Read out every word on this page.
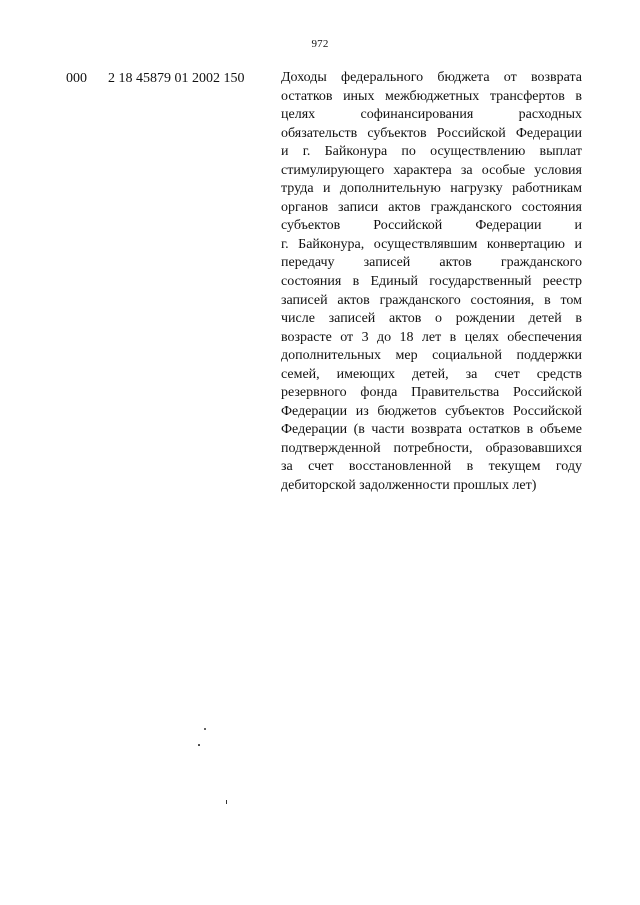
972
000 2 18 45879 01 2002 150	Доходы федерального бюджета от возврата
остатков иных межбюджетных трансфертов в
целях софинансирования расходных
обязательств субъектов Российской Федерации
и г. Байконура по осуществлению выплат
стимулирующего характера за особые условия
труда и дополнительную нагрузку работникам
органов записи актов гражданского состояния
субъектов Российской Федерации и
г. Байконура, осуществлявшим конвертацию и
передачу записей актов гражданского
состояния в Единый государственный реестр
записей актов гражданского состояния, в том
числе записей актов о рождении детей в
возрасте от 3 до 18 лет в целях обеспечения
дополнительных мер социальной поддержки
семей, имеющих детей, за счет средств
резервного фонда Правительства Российской
Федерации из бюджетов субъектов Российской
Федерации (в части возврата остатков в объеме
подтвержденной потребности, образовавшихся
за счет восстановленной в текущем году
дебиторской задолженности прошлых лет)
